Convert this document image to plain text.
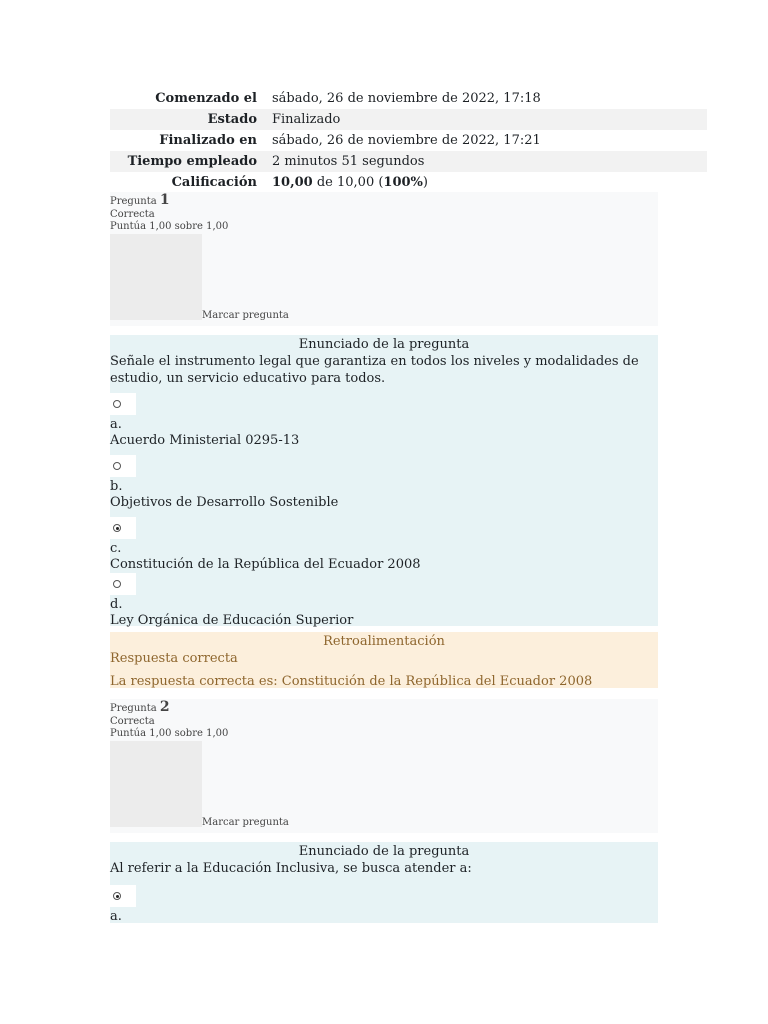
Comenzado el	sábado, 26 de noviembre de 2022, 17:18
Estado	Finalizado
Finalizado en	sábado, 26 de noviembre de 2022, 17:21
Tiempo empleado	2 minutos 51 segundos
Calificación	10,00 de 10,00 (100%)
Pregunta 1
Correcta
Puntúa 1,00 sobre 1,00
Marcar pregunta
Enunciado de la pregunta
Señale el instrumento legal que garantiza en todos los niveles y modalidades de estudio, un servicio educativo para todos.
a.
Acuerdo Ministerial 0295-13
b.
Objetivos de Desarrollo Sostenible
c.
Constitución de la República del Ecuador 2008
d.
Ley Orgánica de Educación Superior
Retroalimentación
Respuesta correcta
La respuesta correcta es: Constitución de la República del Ecuador 2008
Pregunta 2
Correcta
Puntúa 1,00 sobre 1,00
Marcar pregunta
Enunciado de la pregunta
Al referir a la Educación Inclusiva, se busca atender a:
a.
